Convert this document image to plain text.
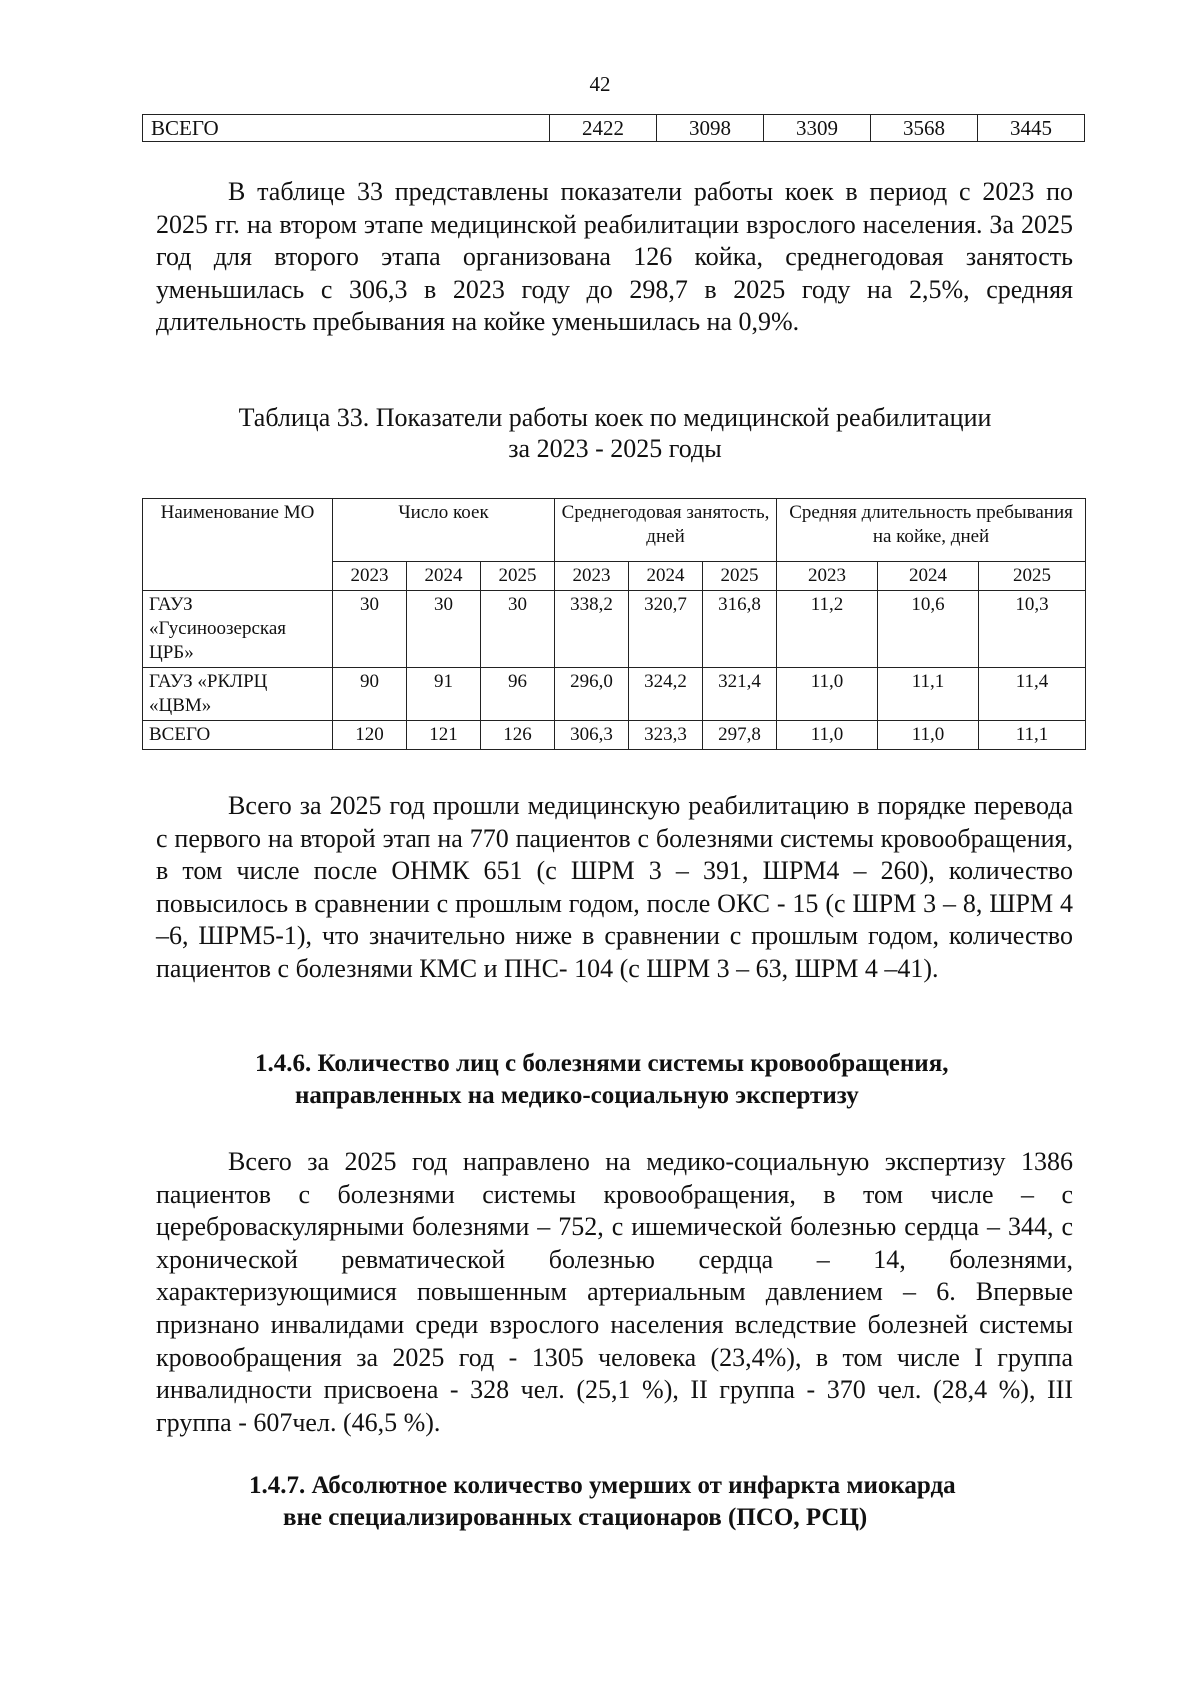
42
ВСЕГО	2422	3098	3309	3568	3445

В таблице 33 представлены показатели работы коек в период с 2023 по 2025 гг. на втором этапе медицинской реабилитации взрослого населения. За 2025 год для второго этапа организована 126 койка, среднегодовая занятость уменьшилась с 306,3 в 2023 году до 298,7 в 2025 году на 2,5%, средняя длительность пребывания на койке уменьшилась на 0,9%.

Таблица 33. Показатели работы коек по медицинской реабилитации
за 2023 - 2025 годы

Наименование МО	Число коек			Среднегодовая занятость, дней			Средняя длительность пребывания на койке, дней		
	2023	2024	2025	2023	2024	2025	2023	2024	2025
ГАУЗ «Гусиноозерская ЦРБ»	30	30	30	338,2	320,7	316,8	11,2	10,6	10,3
ГАУЗ «РКЛРЦ «ЦВМ»	90	91	96	296,0	324,2	321,4	11,0	11,1	11,4
ВСЕГО	120	121	126	306,3	323,3	297,8	11,0	11,0	11,1

Всего за 2025 год прошли медицинскую реабилитацию в порядке перевода с первого на второй этап на 770 пациентов с болезнями системы кровообращения, в том числе после ОНМК 651 (с ШРМ 3 – 391, ШРМ4 – 260), количество повысилось в сравнении с прошлым годом, после ОКС - 15 (с ШРМ 3 – 8, ШРМ 4 –6, ШРМ5-1), что значительно ниже в сравнении с прошлым годом, количество пациентов с болезнями КМС и ПНС- 104 (с ШРМ 3 – 63, ШРМ 4 –41).

1.4.6. Количество лиц с болезнями системы кровообращения,
направленных на медико-социальную экспертизу

Всего за 2025 год направлено на медико-социальную экспертизу 1386 пациентов с болезнями системы кровообращения, в том числе – с цереброваскулярными болезнями – 752, с ишемической болезнью сердца – 344, с хронической ревматической болезнью сердца – 14, болезнями, характеризующимися повышенным артериальным давлением – 6. Впервые признано инвалидами среди взрослого населения вследствие болезней системы кровообращения за 2025 год - 1305 человека (23,4%), в том числе I группа инвалидности присвоена - 328 чел. (25,1 %), II группа - 370 чел. (28,4 %), III группа - 607чел. (46,5 %).

1.4.7. Абсолютное количество умерших от инфаркта миокарда
вне специализированных стационаров (ПСО, РСЦ)
